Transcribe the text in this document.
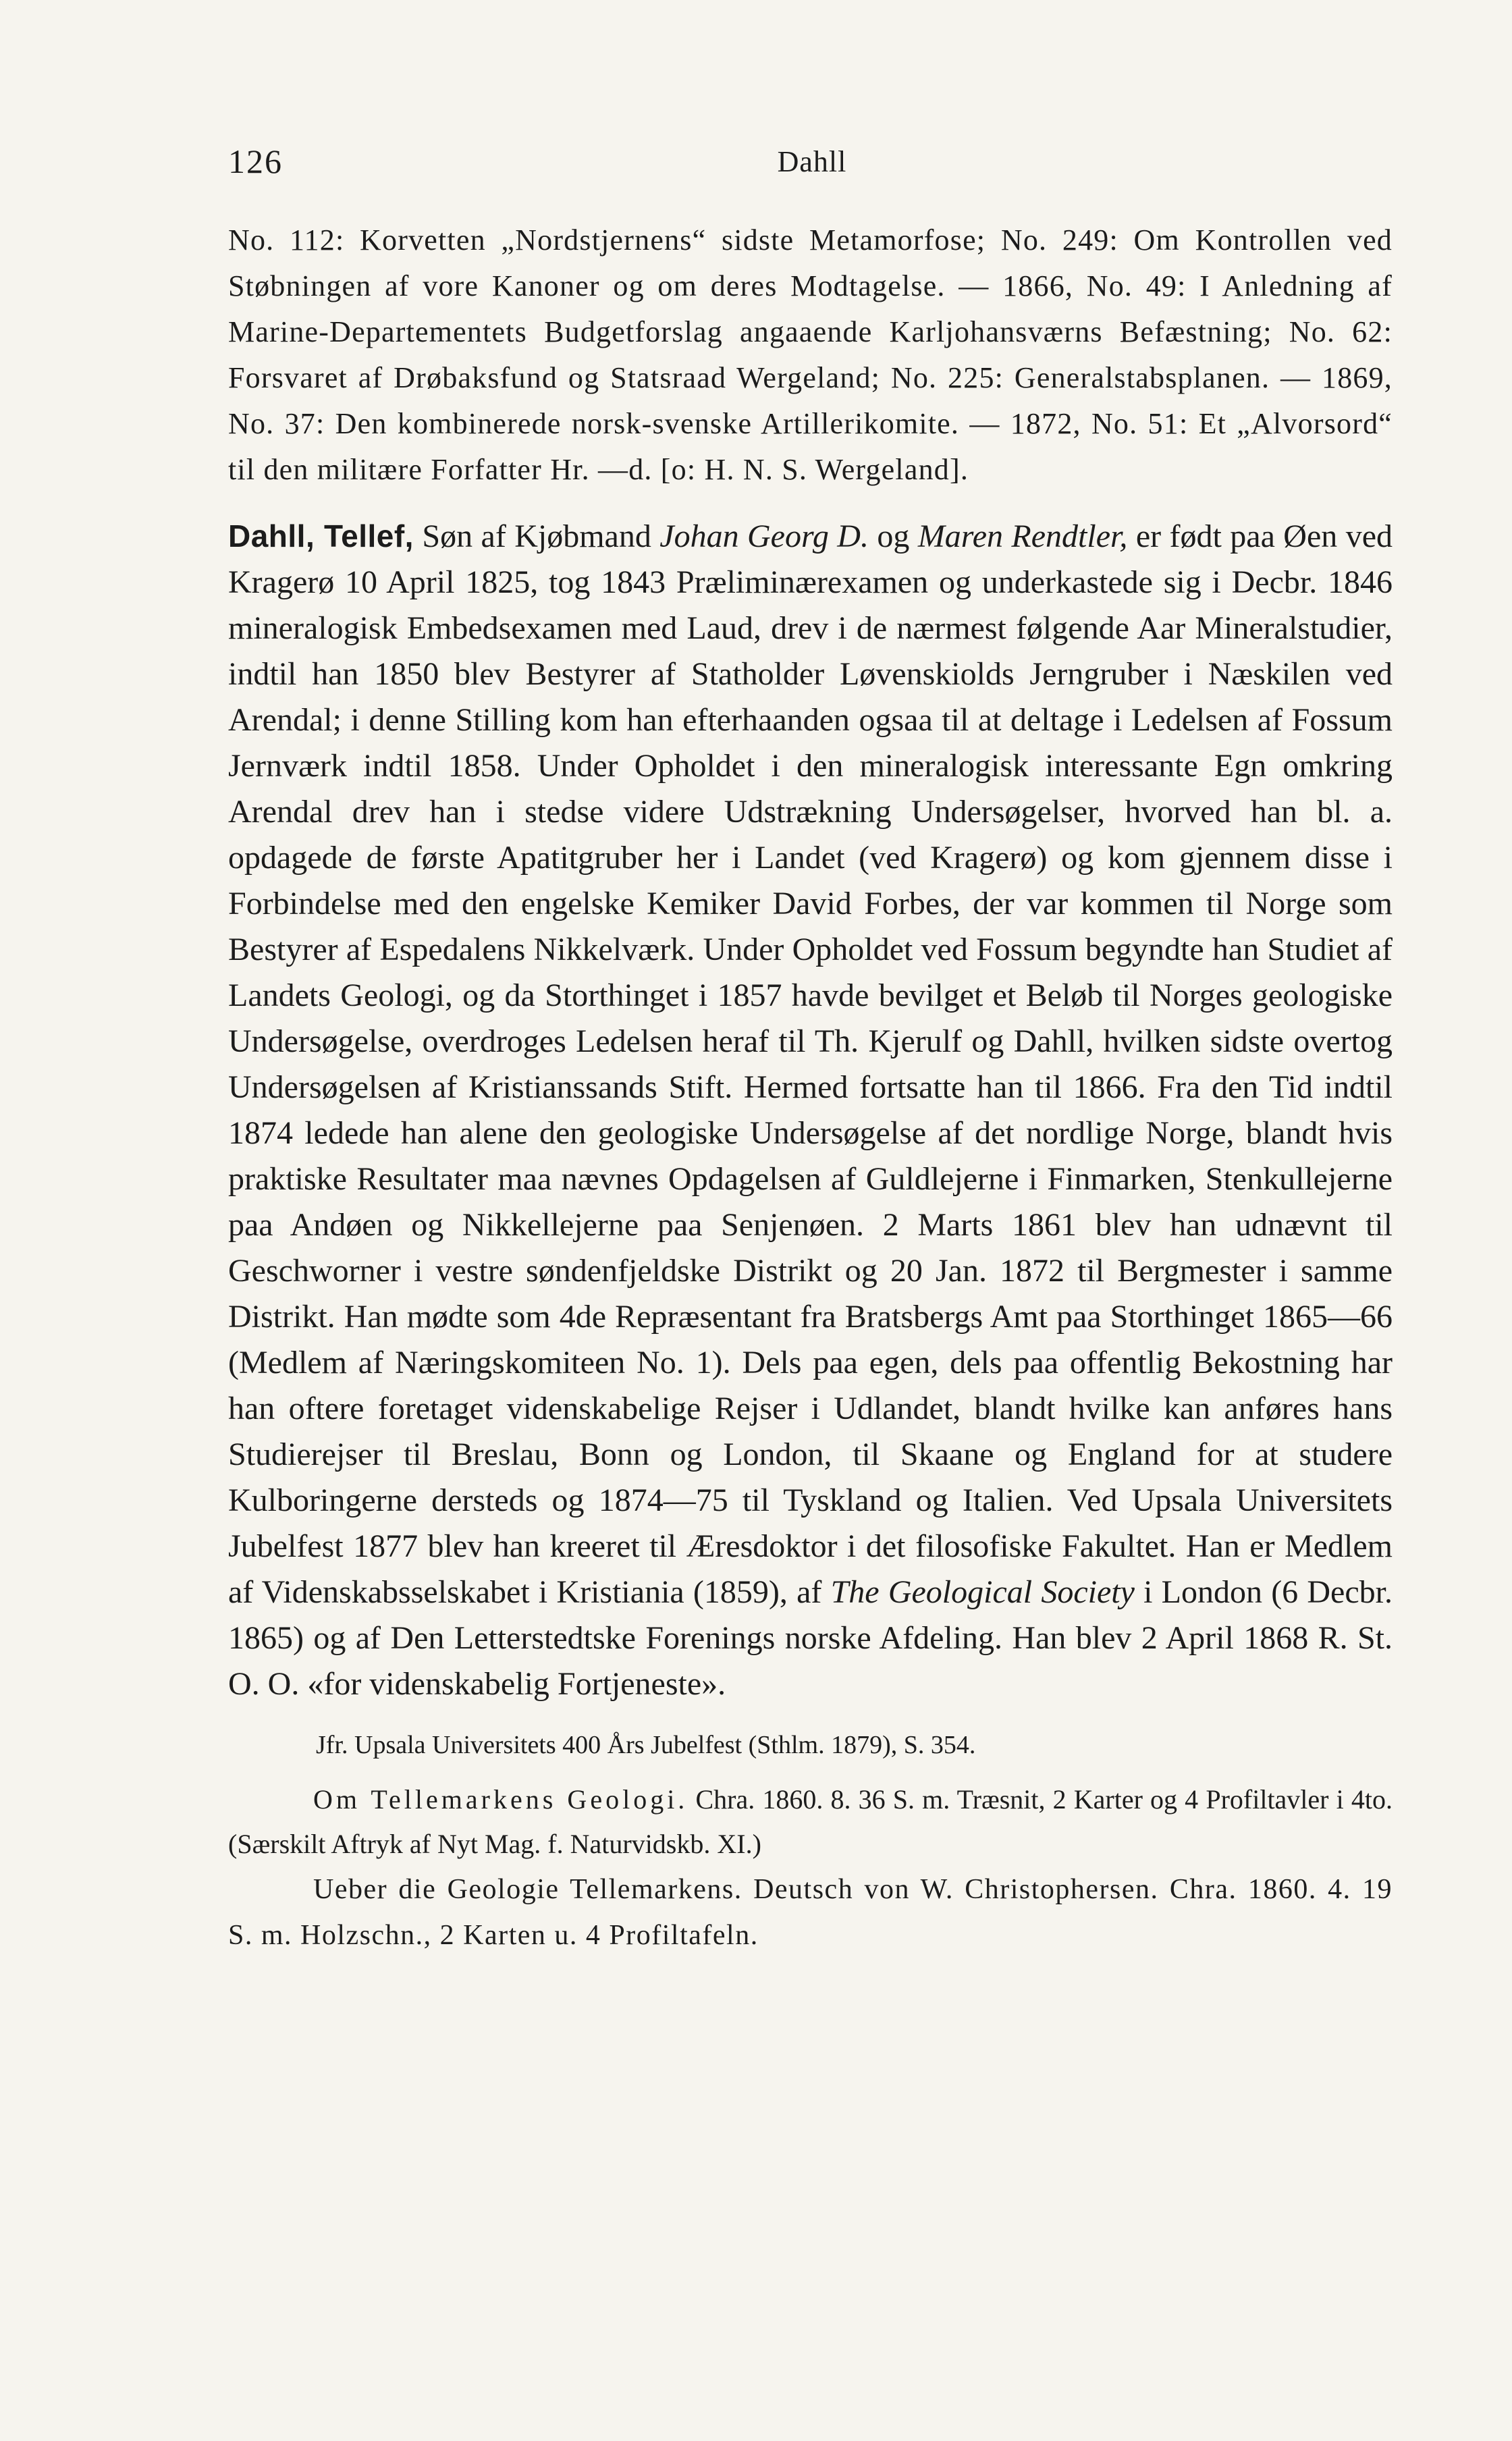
126	Dahll

No. 112: Korvetten „Nordstjernens“ sidste Metamorfose; No. 249: Om Kontrollen ved Støbningen af vore Kanoner og om deres Modtagelse. — 1866, No. 49: I Anledning af Marine-Departementets Budgetforslag angaaende Karljohansværns Befæstning; No. 62: Forsvaret af Drøbaksfund og Statsraad Wergeland; No. 225: Generalstabsplanen. — 1869, No. 37: Den kombinerede norsk-svenske Artillerikomite. — 1872, No. 51: Et „Alvorsord“ til den militære Forfatter Hr. —d. [o: H. N. S. Wergeland].

Dahll, Tellef, Søn af Kjøbmand Johan Georg D. og Maren Rendtler, er født paa Øen ved Kragerø 10 April 1825, tog 1843 Præliminærexamen og underkastede sig i Decbr. 1846 mineralogisk Embedsexamen med Laud, drev i de nærmest følgende Aar Mineralstudier, indtil han 1850 blev Bestyrer af Statholder Løvenskiolds Jerngruber i Næskilen ved Arendal; i denne Stilling kom han efterhaanden ogsaa til at deltage i Ledelsen af Fossum Jernværk indtil 1858. Under Opholdet i den mineralogisk interessante Egn omkring Arendal drev han i stedse videre Udstrækning Undersøgelser, hvorved han bl. a. opdagede de første Apatitgruber her i Landet (ved Kragerø) og kom gjennem disse i Forbindelse med den engelske Kemiker David Forbes, der var kommen til Norge som Bestyrer af Espedalens Nikkelværk. Under Opholdet ved Fossum begyndte han Studiet af Landets Geologi, og da Storthinget i 1857 havde bevilget et Beløb til Norges geologiske Undersøgelse, overdroges Ledelsen heraf til Th. Kjerulf og Dahll, hvilken sidste overtog Undersøgelsen af Kristianssands Stift. Hermed fortsatte han til 1866. Fra den Tid indtil 1874 ledede han alene den geologiske Undersøgelse af det nordlige Norge, blandt hvis praktiske Resultater maa nævnes Opdagelsen af Guldlejerne i Finmarken, Stenkullejerne paa Andøen og Nikkellejerne paa Senjenøen. 2 Marts 1861 blev han udnævnt til Geschworner i vestre søndenfjeldske Distrikt og 20 Jan. 1872 til Bergmester i samme Distrikt. Han mødte som 4de Repræsentant fra Bratsbergs Amt paa Storthinget 1865—66 (Medlem af Næringskomiteen No. 1). Dels paa egen, dels paa offentlig Bekostning har han oftere foretaget videnskabelige Rejser i Udlandet, blandt hvilke kan anføres hans Studierejser til Breslau, Bonn og London, til Skaane og England for at studere Kulboringerne dersteds og 1874—75 til Tyskland og Italien. Ved Upsala Universitets Jubelfest 1877 blev han kreeret til Æresdoktor i det filosofiske Fakultet. Han er Medlem af Videnskabsselskabet i Kristiania (1859), af The Geological Society i London (6 Decbr. 1865) og af Den Letterstedtske Forenings norske Afdeling. Han blev 2 April 1868 R. St. O. O. «for videnskabelig Fortjeneste».

Jfr. Upsala Universitets 400 Års Jubelfest (Sthlm. 1879), S. 354.

Om Tellemarkens Geologi. Chra. 1860. 8. 36 S. m. Træsnit, 2 Karter og 4 Profiltavler i 4to. (Særskilt Aftryk af Nyt Mag. f. Naturvidskb. XI.)

Ueber die Geologie Tellemarkens. Deutsch von W. Christophersen. Chra. 1860. 4. 19 S. m. Holzschn., 2 Karten u. 4 Profiltafeln.
